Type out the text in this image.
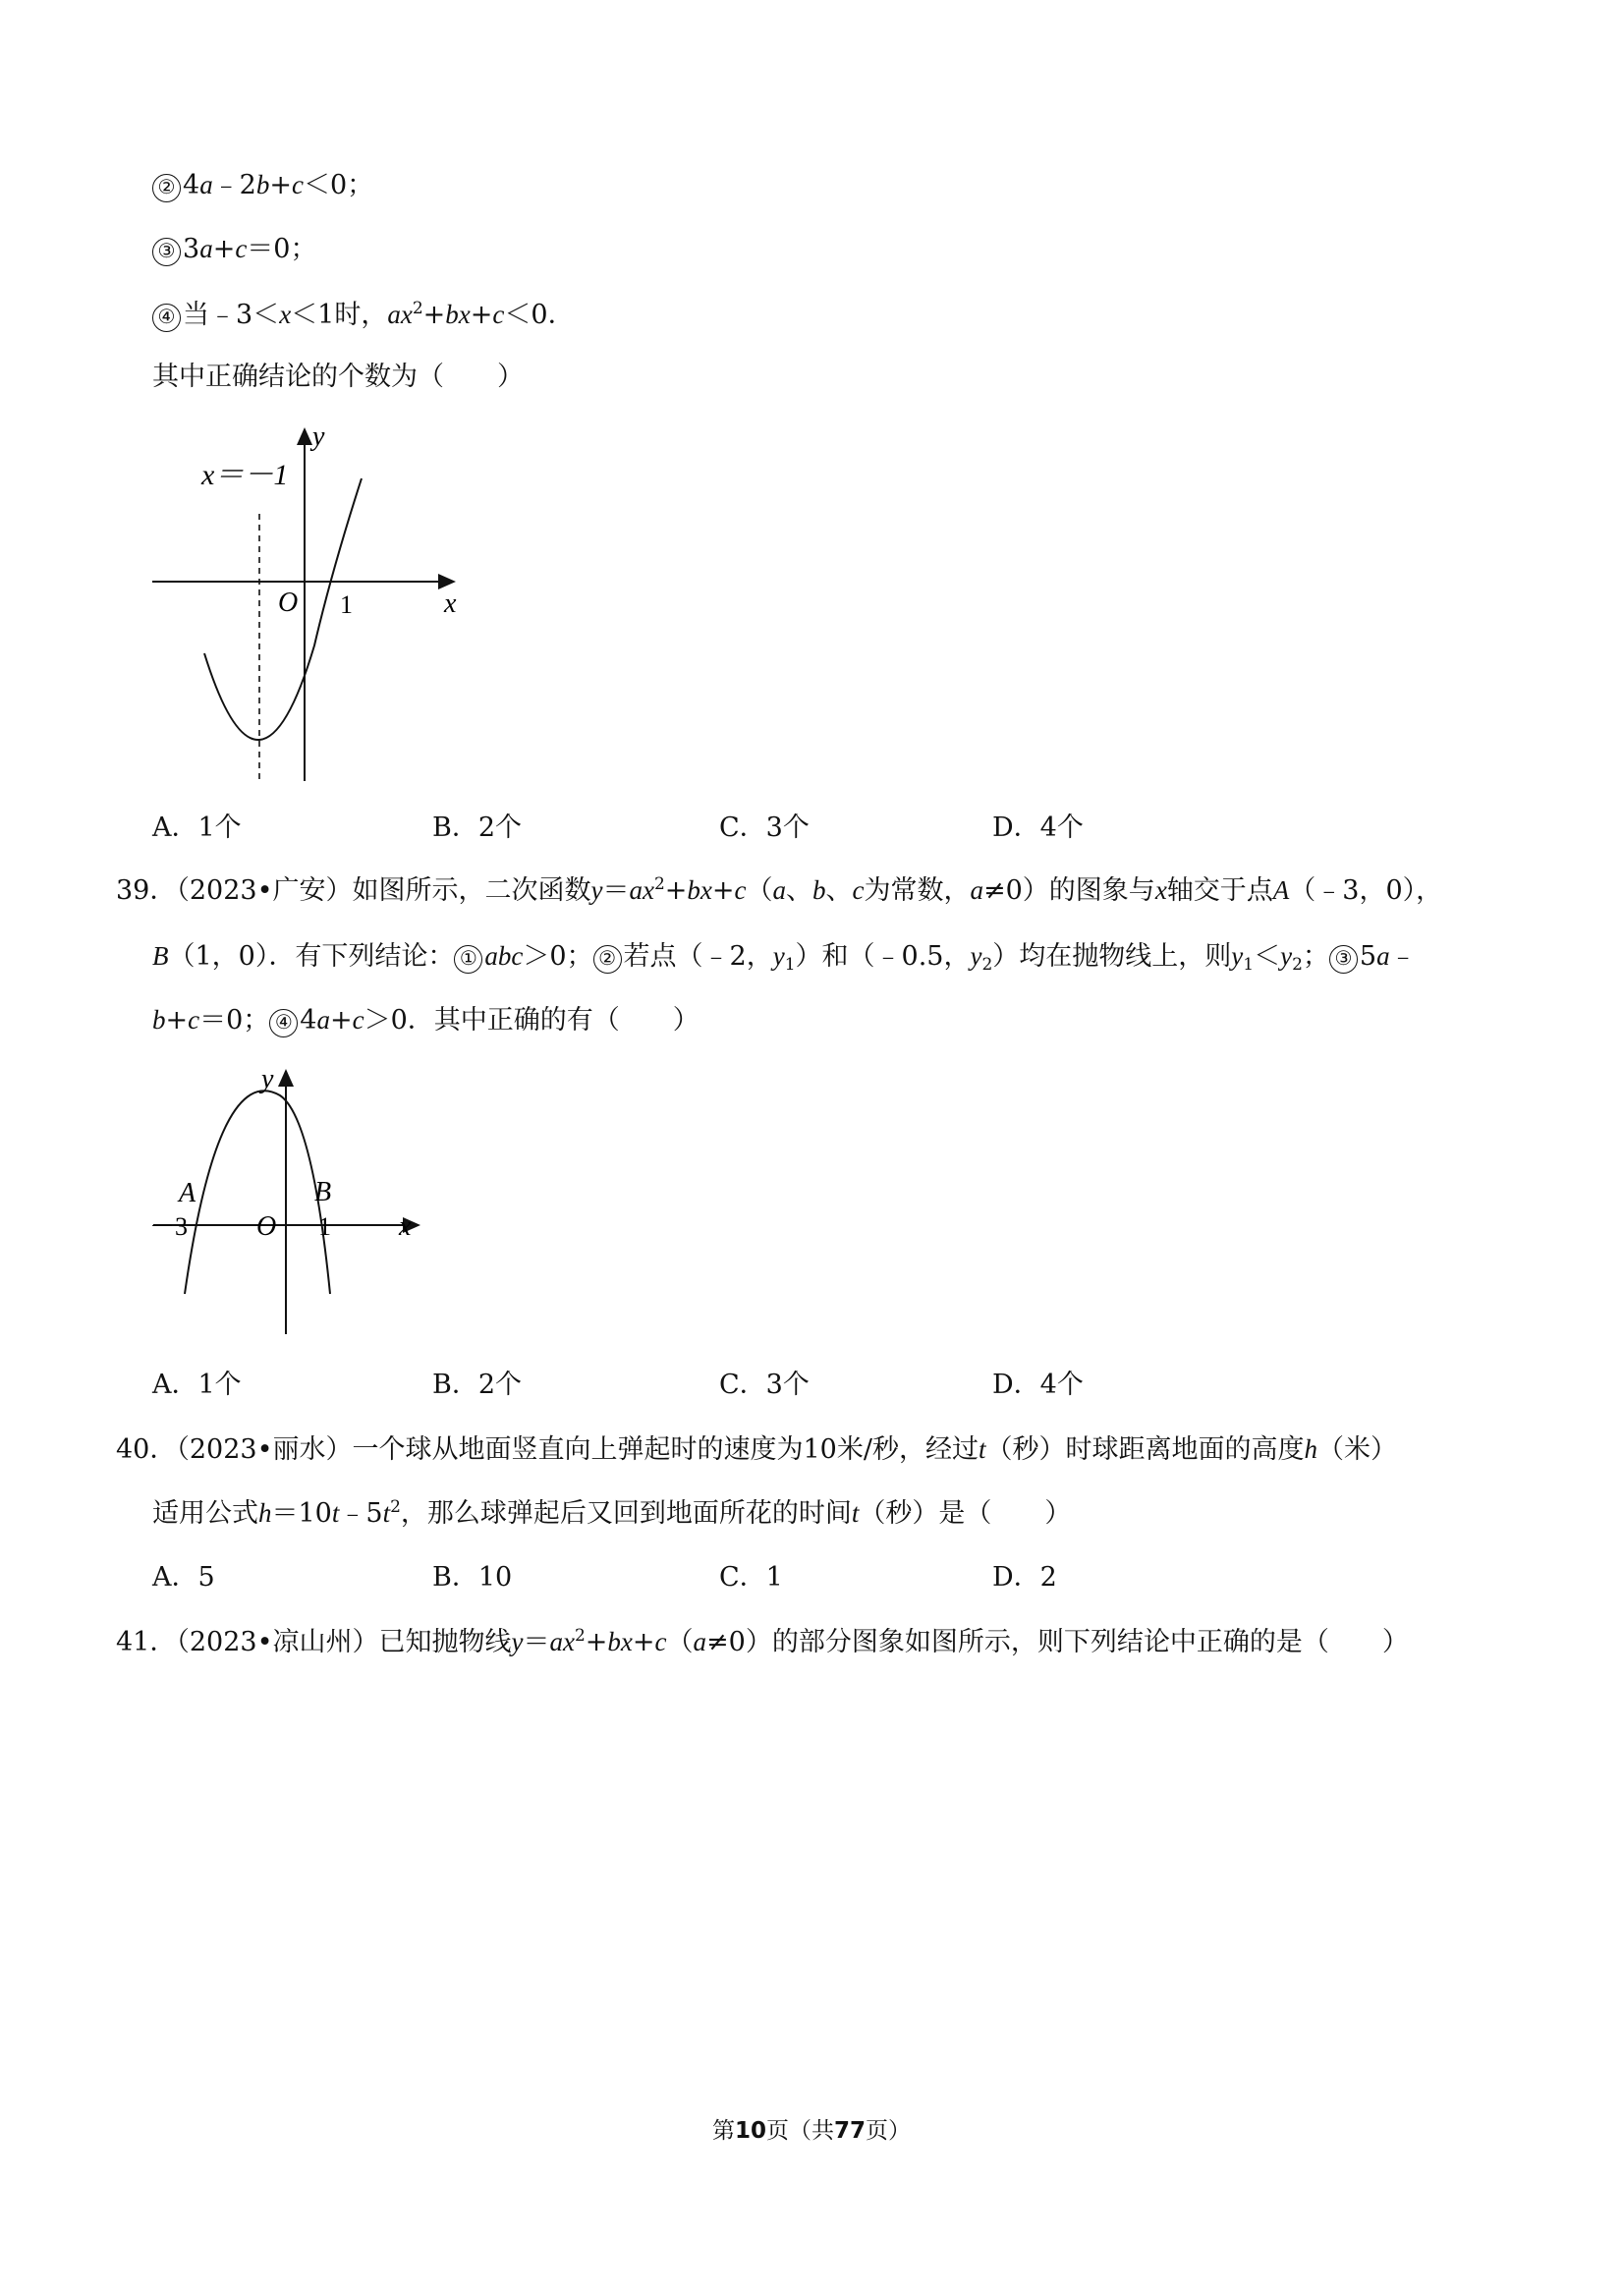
② 4a﹣2b+c＜0；
③ 3a+c＝0；
④ 当﹣3＜x＜1时，$ax^2+bx+c<0$．
其中正确结论的个数为（　　）
x＝－1
y
x
O 1
A．1个	B．2个	C．3个	D．4个
39．（2023•广安）如图所示，二次函数$y=ax^2+bx+c(a$、b、c为常数，a≠0）的图象与x轴交于点A（﹣3，0），
B（1，0）．有下列结论： ① abc＞0； ② 若点（﹣2，$y_1$）和（﹣0.5，$y_2$）均在抛物线上，则$y_1<y_2$； ③ 5a﹣
b+c＝0； ④ 4a+c＞0．其中正确的有（　　）
y
x
A	B
－3 O 1
A．1个	B．2个	C．3个	D．4个
40．（2023•丽水）一个球从地面竖直向上弹起时的速度为10米/秒，经过t（秒）时球距离地面的高度h（米）
适用公式$h=10t﹣5t^2$，那么球弹起后又回到地面所花的时间t（秒）是（　　）
A．5	B．10	C．1	D．2
41．（2023•凉山州）已知抛物线$y=ax^2+bx+c(a\ne 0)$的部分图象如图所示，则下列结论中正确的是（　　）
第10页（共77页）
